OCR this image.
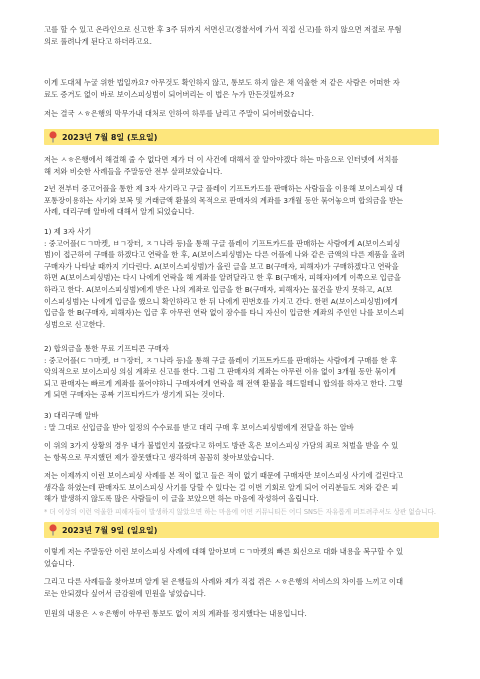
고를 할 수 있고 온라인으로 신고한 후 3주 뒤까지 서면신고(경찰서에 가서 직접 신고)를 하지 않으면 저절로 무혐
의로 풀려나게 된다고 하더라고요.

이게 도대체 누굴 위한 법일까요? 아무것도 확인하지 않고, 통보도 하지 않은 채 억울한 저 같은 사람은 어떠한 자
료도 증거도 없이 바로 보이스피싱범이 되어버리는 이 법은 누가 만든것일까요?

저는 결국 ㅅㅎ은행의 막무가내 대처로 인하여 하루를 날리고 주말이 되어버렸습니다.

2023년 7월 8일 (토요일)

저는 ㅅㅎ은행에서 해결해 줄 수 없다면 제가 더 이 사건에 대해서 잘 알아야겠다 하는 마음으로 인터넷에 서치를
해 저와 비슷한 사례들을 주말동안 전부 살펴보았습니다.

2년 전부터 중고어플을 통한 제 3자 사기라고 구글 플레이 기프트카드를 판매하는 사람들을 이용해 보이스피싱 대
포통장이용하는 사기와 보복 및 거래금액 환불의 목적으로 판매자의 계좌를 3개월 동안 묶어놓으며 합의금을 받는
사례, 대리구매 알바에 대해서 알게 되었습니다.

1) 제 3자 사기
: 중고어플(ㄷㄱ마켓, ㅂㄱ장터, ㅈㄱ나라 등)을 통해 구글 플레이 기프트카드를 판매하는 사람에게 A(보이스피싱
범)이 접근하여 구매를 하겠다고 연락을 한 후, A(보이스피싱범)는 다른 어플에 나와 같은 금액의 다른 제품을 올려
구매자가 나타날 때까지 기다린다. A(보이스피싱범)가 올린 글을 보고 B(구매자, 피해자)가 구매하겠다고 연락을
하면 A(보이스피싱범)는 다시 나에게 연락을 해 계좌를 알려달라고 한 후 B(구매자, 피해자)에게 이쪽으로 입금을
하라고 한다. A(보이스피싱범)에게 받은 나의 계좌로 입금을 한 B(구매자, 피해자)는 물건을 받지 못하고, A(보
이스피싱범)는 나에게 입금을 했으니 확인하라고 한 뒤 나에게 핀번호를 가지고 간다. 한편 A(보이스피싱범)에게
입금을 한 B(구매자, 피해자)는 입금 후 아무런 연락 없이 잠수를 타니 자신이 입금한 계좌의 주인인 나를 보이스피
싱범으로 신고한다.

2) 합의금을 통한 무료 기프티콘 구매자
: 중고어플(ㄷㄱ마켓, ㅂㄱ장터, ㅈㄱ나라 등)을 통해 구글 플레이 기프트카드를 판매하는 사람에게 구매를 한 후
악의적으로 보이스피싱 의심 계좌로 신고를 한다. 그럼 그 판매자의 계좌는 아무런 이유 없이 3개월 동안 묶이게
되고 판매자는 빠르게 계좌를 풀어야하니 구매자에게 연락을 해 전액 환불을 해드릴테니 합의를 하자고 한다. 그렇
게 되면 구매자는 공짜 기프티카드가 생기게 되는 것이다.

3) 대리구매 알바
: 말 그대로 선입금을 받아 일정의 수수료를 받고 대리 구매 후 보이스피싱범에게 전달을 하는 알바

이 위의 3가지 상황의 경우 내가 불법인지 몰랐다고 하여도 방관 혹은 보이스피싱 가담의 죄로 처벌을 받을 수 있
는 항목으로 무지했던 제가 잘못했다고 생각하며 꼼꼼히 찾아보았습니다.

저는 이제까지 이런 보이스피싱 사례를 본 적이 없고 들은 적이 없기 때문에 구매자만 보이스피싱 사기에 걸린다고
생각을 하였는데 판매자도 보이스피싱 사기를 당할 수 있다는 걸 이번 기회로 알게 되어 어리분들도 저와 같은 피
해가 발생하지 않도록 많은 사람들이 이 글을 보았으면 하는 마음에 작성하여 올립니다.

* 더 이상의 이런 억울한 피해자들이 발생하지 않았으면 하는 마음에 어떤 커뮤니티든 어디 SNS든 자유롭게 퍼트려주셔도 상관 없습니다.

2023년 7월 9일 (일요일)

이렇게 저는 주말동안 이런 보이스피싱 사례에 대해 알아보며 ㄷㄱ마켓의 빠른 회신으로 대화 내용을 복구할 수 있
었습니다.

그리고 다른 사례들을 찾아보며 알게 된 은행들의 사례와 제가 직접 겪은 ㅅㅎ은행의 서비스의 차이를 느끼고 이대
로는 안되겠다 싶어서 금감원에 민원을 넣었습니다.

민원의 내용은 ㅅㅎ은행이 아무런 통보도 없이 저의 계좌를 정지했다는 내용입니다.
